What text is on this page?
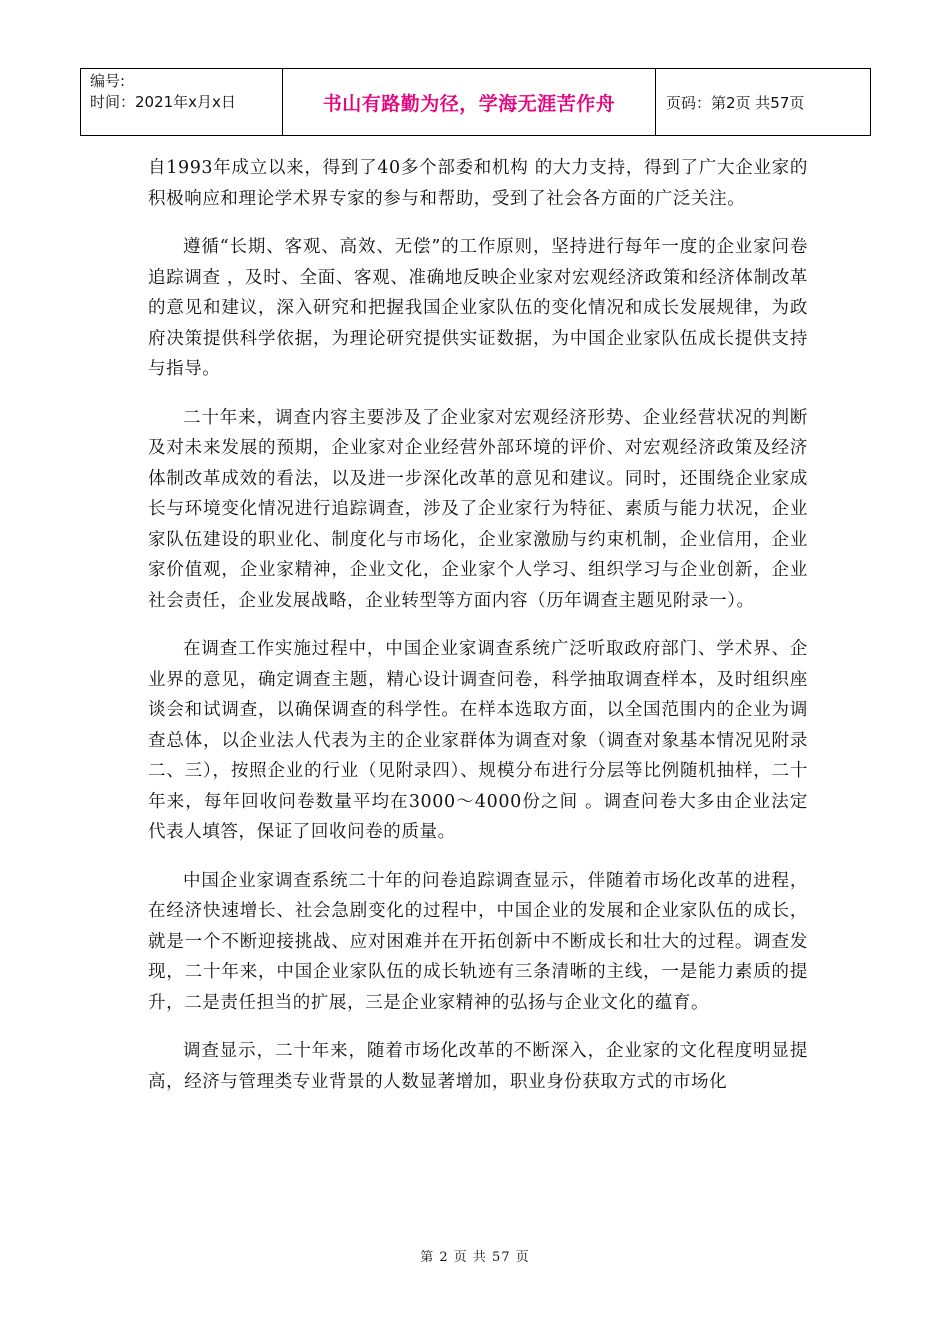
编号:
时间：2021年x月x日	书山有路勤为径，学海无涯苦作舟	页码：第2页 共57页

自1993年成立以来，得到了40多个部委和机构 的大力支持，得到了广大企业家的积极响应和理论学术界专家的参与和帮助，受到了社会各方面的广泛关注。

遵循“长期、客观、高效、无偿”的工作原则，坚持进行每年一度的企业家问卷追踪调查 ，及时、全面、客观、准确地反映企业家对宏观经济政策和经济体制改革的意见和建议，深入研究和把握我国企业家队伍的变化情况和成长发展规律，为政府决策提供科学依据，为理论研究提供实证数据，为中国企业家队伍成长提供支持与指导。

二十年来，调查内容主要涉及了企业家对宏观经济形势、企业经营状况的判断及对未来发展的预期，企业家对企业经营外部环境的评价、对宏观经济政策及经济体制改革成效的看法，以及进一步深化改革的意见和建议。同时，还围绕企业家成长与环境变化情况进行追踪调查，涉及了企业家行为特征、素质与能力状况，企业家队伍建设的职业化、制度化与市场化，企业家激励与约束机制，企业信用，企业家价值观，企业家精神，企业文化，企业家个人学习、组织学习与企业创新，企业社会责任，企业发展战略，企业转型等方面内容（历年调查主题见附录一）。

在调查工作实施过程中，中国企业家调查系统广泛听取政府部门、学术界、企业界的意见，确定调查主题，精心设计调查问卷，科学抽取调查样本，及时组织座谈会和试调查，以确保调查的科学性。在样本选取方面，以全国范围内的企业为调查总体，以企业法人代表为主的企业家群体为调查对象（调查对象基本情况见附录二、三），按照企业的行业（见附录四）、规模分布进行分层等比例随机抽样，二十年来，每年回收问卷数量平均在3000～4000份之间 。调查问卷大多由企业法定代表人填答，保证了回收问卷的质量。

中国企业家调查系统二十年的问卷追踪调查显示，伴随着市场化改革的进程，在经济快速增长、社会急剧变化的过程中，中国企业的发展和企业家队伍的成长，就是一个不断迎接挑战、应对困难并在开拓创新中不断成长和壮大的过程。调查发现，二十年来，中国企业家队伍的成长轨迹有三条清晰的主线，一是能力素质的提升，二是责任担当的扩展，三是企业家精神的弘扬与企业文化的蕴育。

调查显示，二十年来，随着市场化改革的不断深入，企业家的文化程度明显提高，经济与管理类专业背景的人数显著增加，职业身份获取方式的市场化

第 2 页 共 57 页
